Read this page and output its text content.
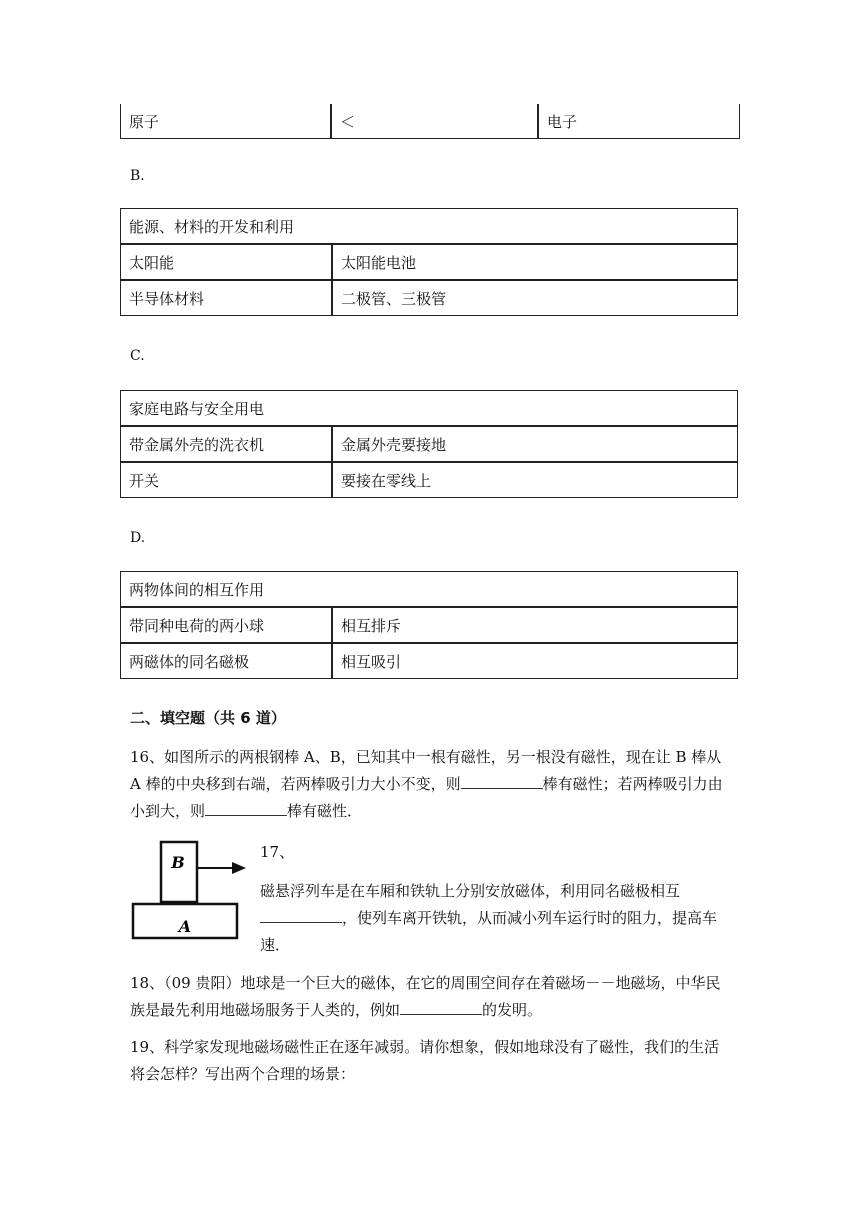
原子	＜	电子
B.
能源、材料的开发和利用	
太阳能	太阳能电池
半导体材料	二极管、三极管
C.
家庭电路与安全用电	
带金属外壳的洗衣机	金属外壳要接地
开关	要接在零线上
D.
两物体间的相互作用	
带同种电荷的两小球	相互排斥
两磁体的同名磁极	相互吸引
二、填空题（共 6 道）
16、如图所示的两根钢棒 A、B，已知其中一根有磁性，另一根没有磁性，现在让 B 棒从 A 棒的中央移到右端，若两棒吸引力大小不变，则	棒有磁性；若两棒吸引力由小到大，则	棒有磁性．
B
A
17、
磁悬浮列车是在车厢和铁轨上分别安放磁体，利用同名磁极相互，使列车离开铁轨，从而减小列车运行时的阻力，提高车速．
18、（09 贵阳）地球是一个巨大的磁体，在它的周围空间存在着磁场－－地磁场，中华民族是最先利用地磁场服务于人类的，例如	的发明。
19、科学家发现地磁场磁性正在逐年减弱。请你想象，假如地球没有了磁性，我们的生活将会怎样？写出两个合理的场景：
